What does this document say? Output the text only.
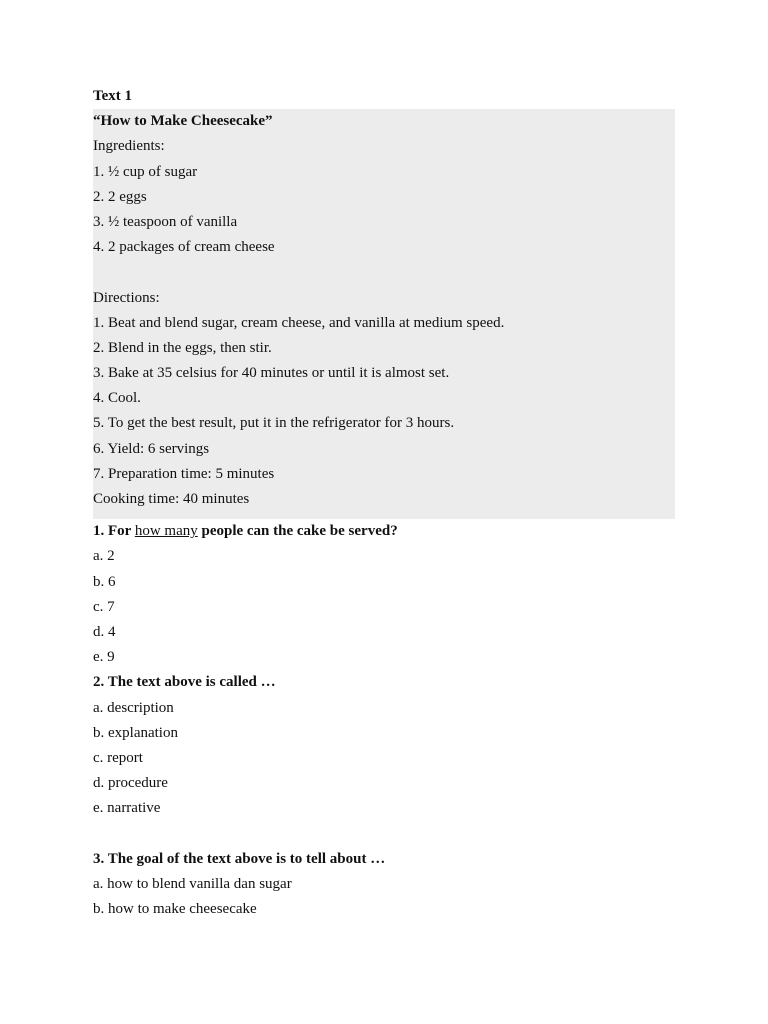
Text 1
“How to Make Cheesecake”
Ingredients:
1. ½ cup of sugar
2. 2 eggs
3. ½ teaspoon of vanilla
4. 2 packages of cream cheese
Directions:
1. Beat and blend sugar, cream cheese, and vanilla at medium speed.
2. Blend in the eggs, then stir.
3. Bake at 35 celsius for 40 minutes or until it is almost set.
4. Cool.
5. To get the best result, put it in the refrigerator for 3 hours.
6. Yield: 6 servings
7. Preparation time: 5 minutes
Cooking time: 40 minutes
1. For how many people can the cake be served?
a. 2
b. 6
c. 7
d. 4
e. 9
2. The text above is called …
a. description
b. explanation
c. report
d. procedure
e. narrative
3. The goal of the text above is to tell about …
a. how to blend vanilla dan sugar
b. how to make cheesecake
